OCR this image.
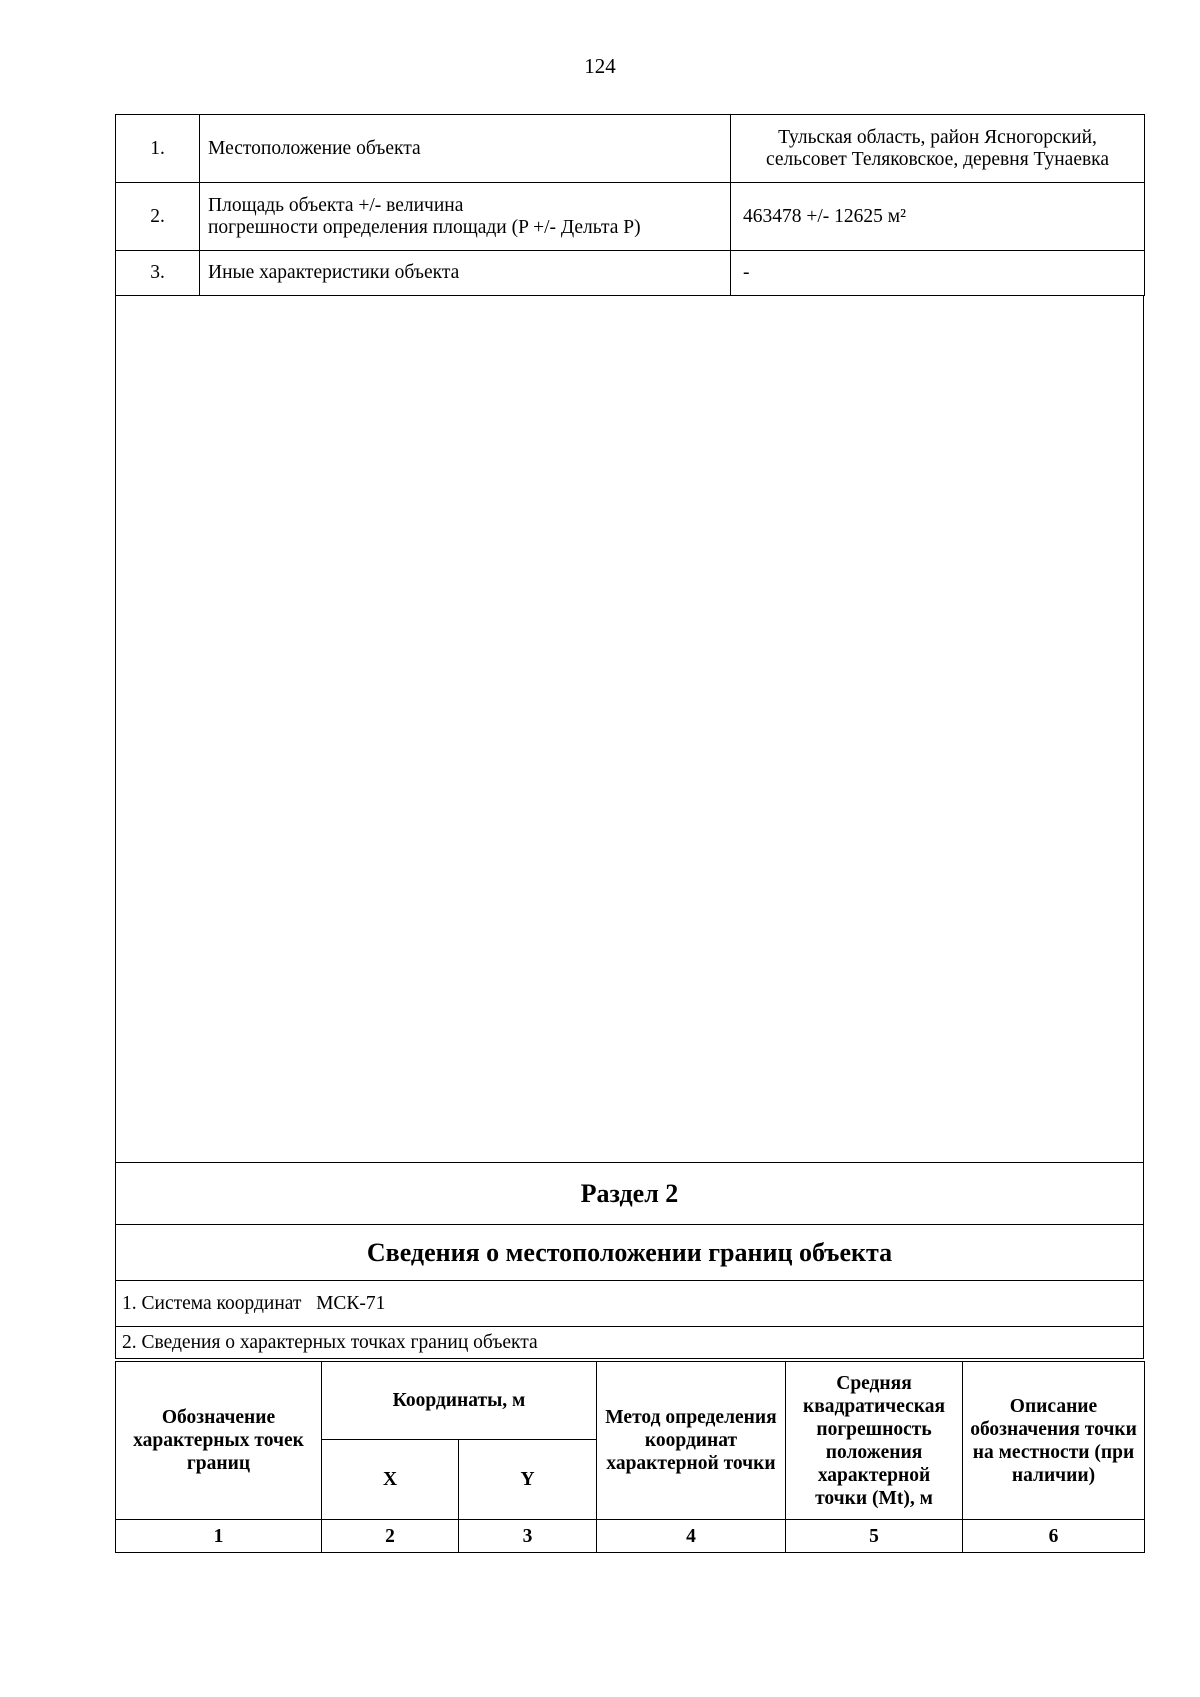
124
1.	Местоположение объекта	Тульская область, район Ясногорский,
сельсовет Теляковское, деревня Тунаевка

2.	Площадь объекта +/- величина
погрешности определения площади (P +/- Дельта P)	463478 +/- 12625 м²
3.	Иные характеристики объекта	-
Раздел 2
Сведения о местоположении границ объекта
1. Система координат МСК-71
2. Сведения о характерных точках границ объекта
Обозначение характерных точек границ	Координаты, м		Метод определения координат характерной точки	Средняя квадратическая погрешность положения характерной точки (Mt), м	Описание обозначения точки на местности (при наличии)
	X	Y			
1	2	3	4	5	6
